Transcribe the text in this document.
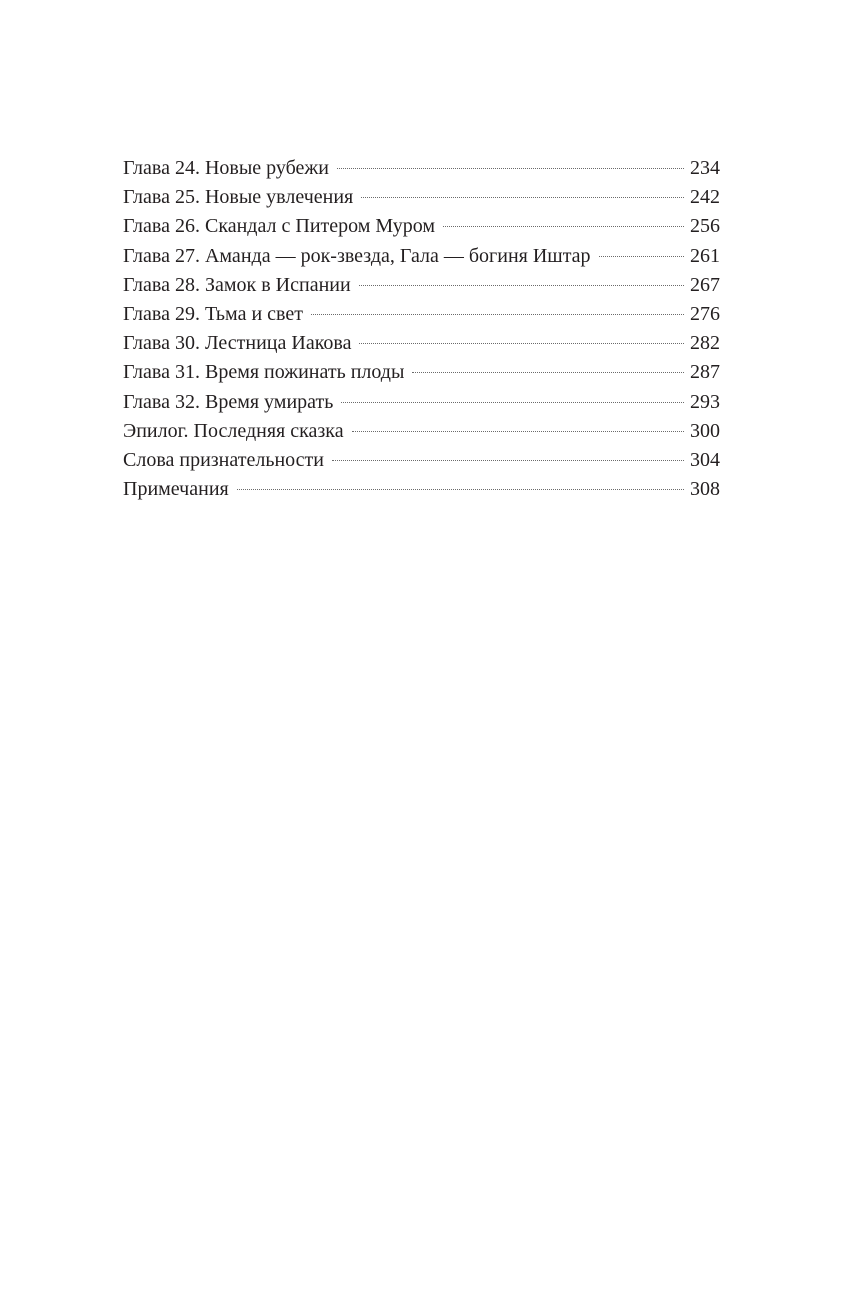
Глава 24. Новые рубежи	234
Глава 25. Новые увлечения	242
Глава 26. Скандал с Питером Муром	256
Глава 27. Аманда — рок-звезда, Гала — богиня Иштар	261
Глава 28. Замок в Испании	267
Глава 29. Тьма и свет	276
Глава 30. Лестница Иакова	282
Глава 31. Время пожинать плоды	287
Глава 32. Время умирать	293
Эпилог. Последняя сказка	300
Слова признательности	304
Примечания	308
